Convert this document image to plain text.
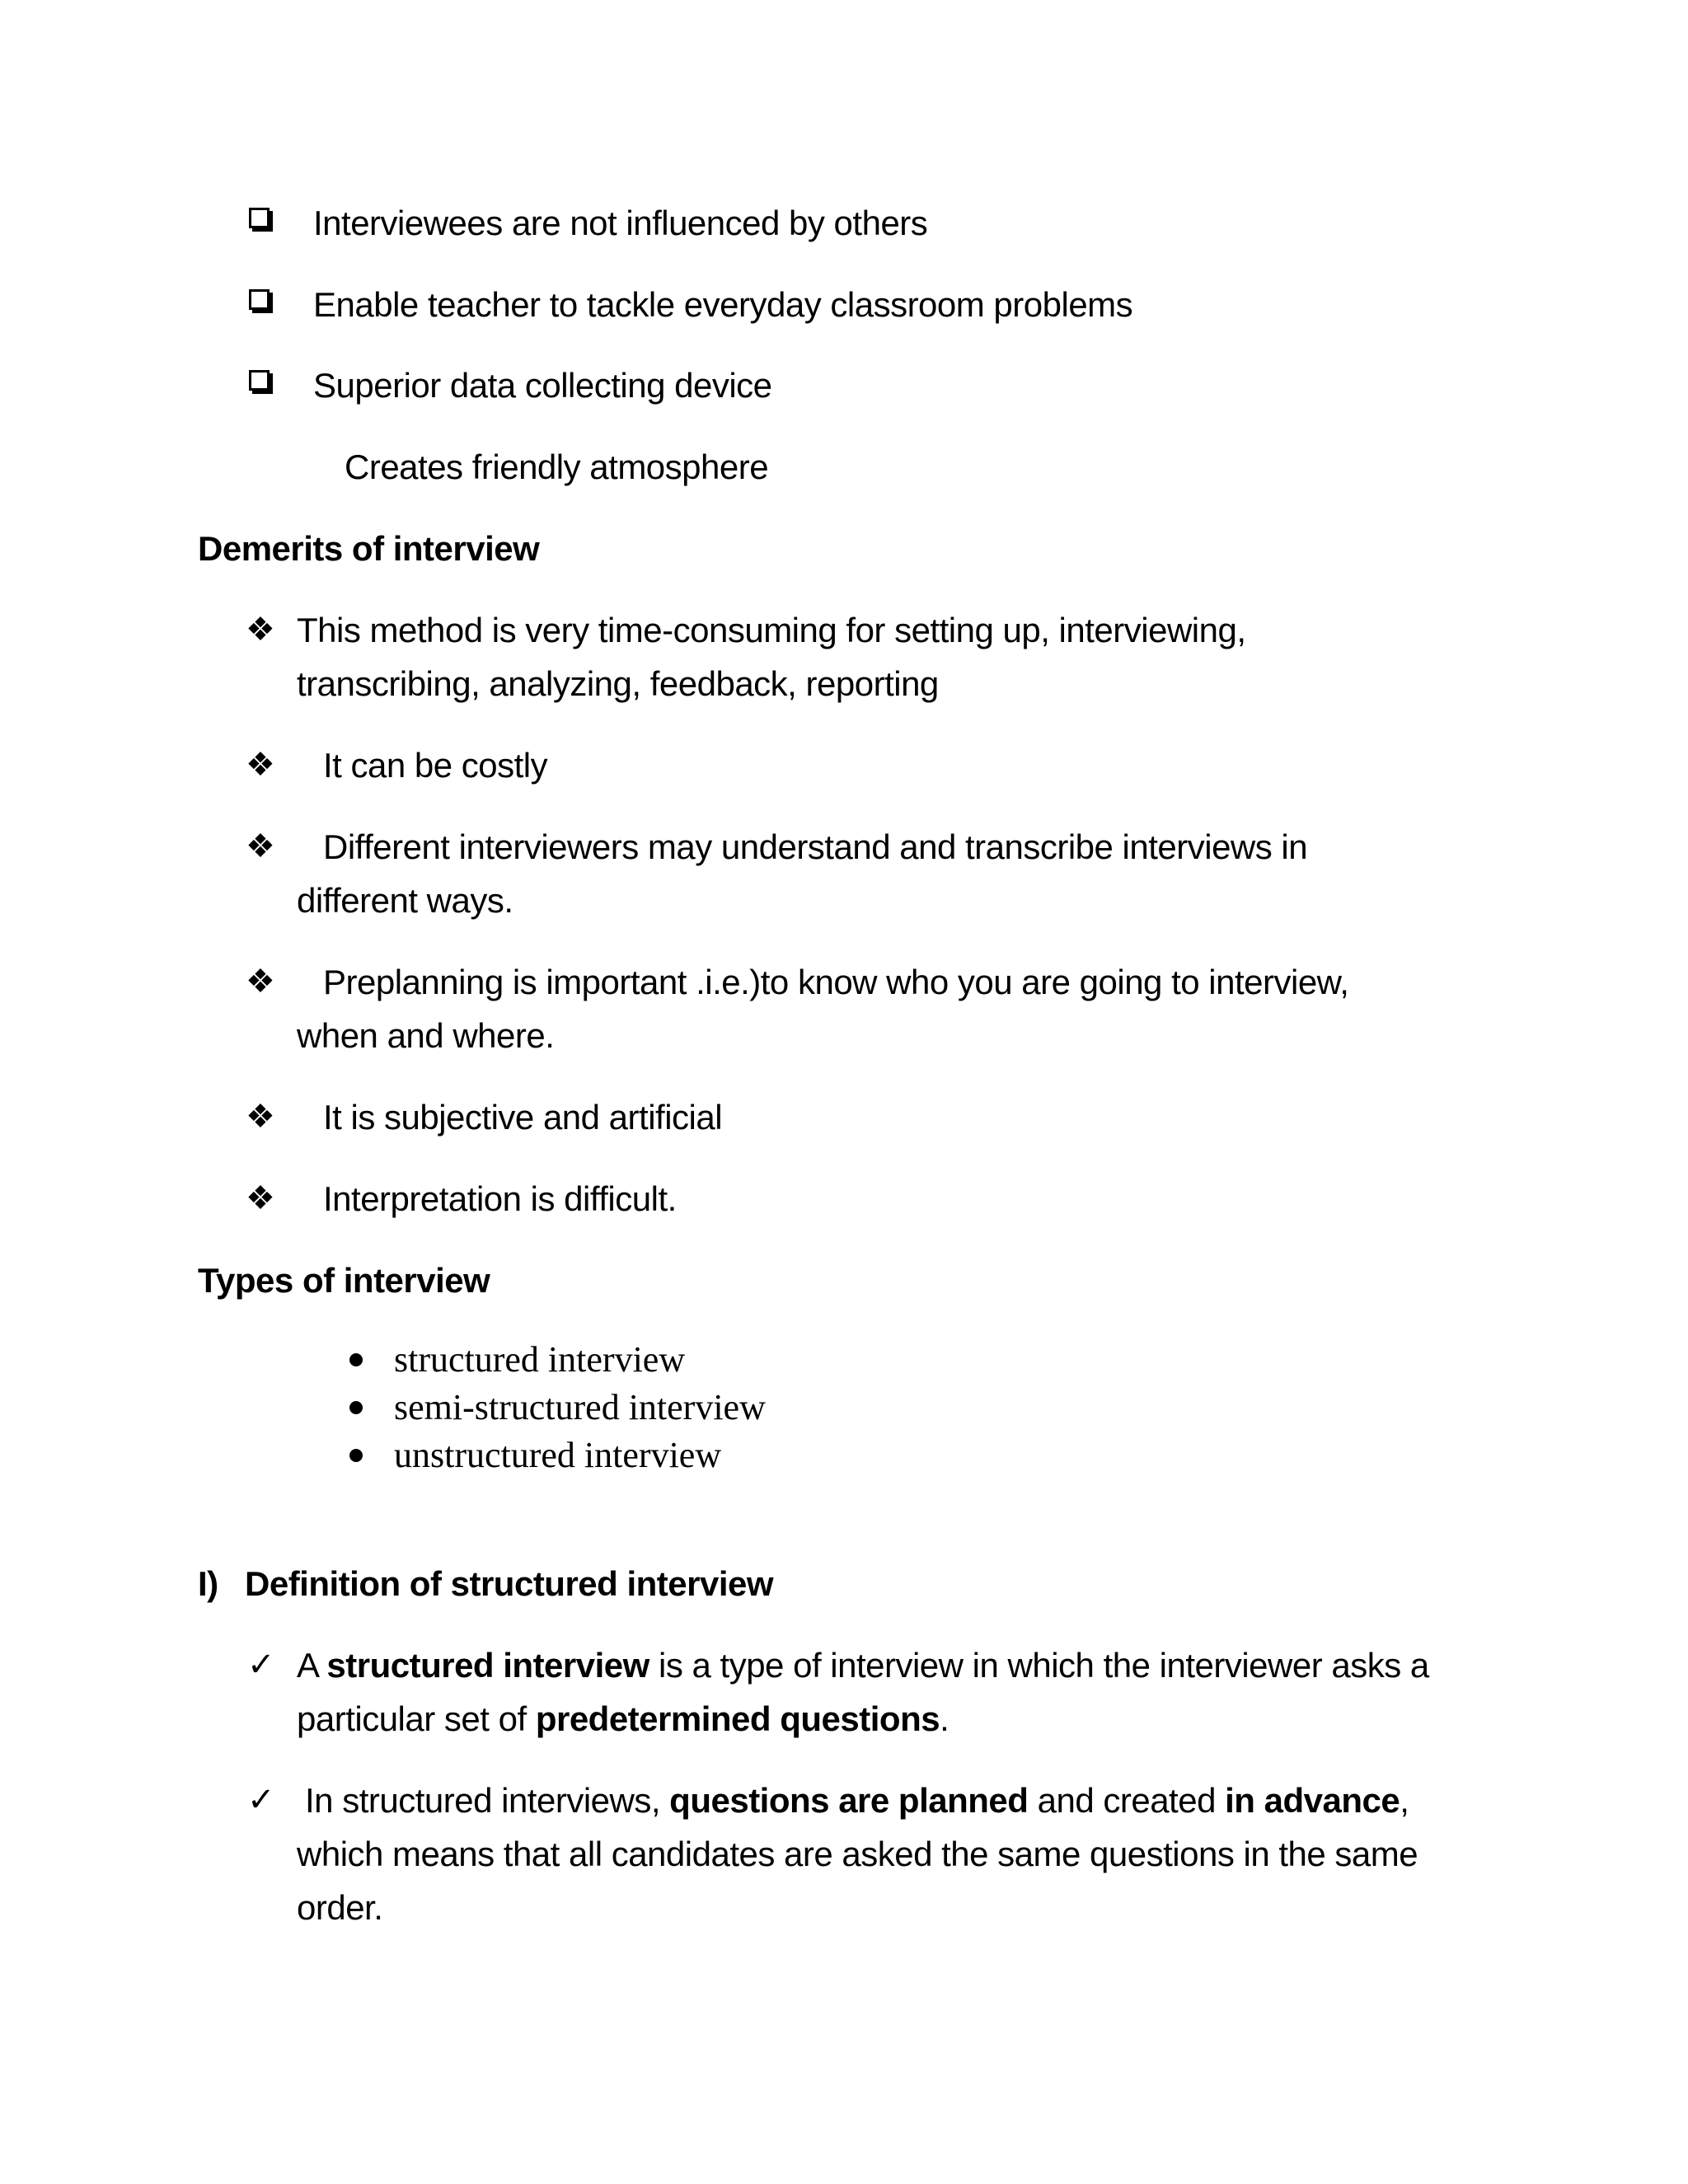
Interviewees are not influenced by others
Enable teacher to tackle everyday classroom problems
Superior data collecting device
Creates friendly atmosphere
Demerits of interview
❖ This method is very time-consuming for setting up, interviewing,
transcribing, analyzing, feedback, reporting
❖	It can be costly
❖	Different interviewers may understand and transcribe interviews in
different ways.
❖	Preplanning is important .i.e.)to know who you are going to interview,
when and where.
❖	It is subjective and artificial
❖	Interpretation is difficult.
Types of interview
structured interview
semi-structured interview
unstructured interview
I) Definition of structured interview
✓ A structured interview is a type of interview in which the interviewer asks a
particular set of predetermined questions.
✓ In structured interviews, questions are planned and created in advance,
which means that all candidates are asked the same questions in the same
order.
